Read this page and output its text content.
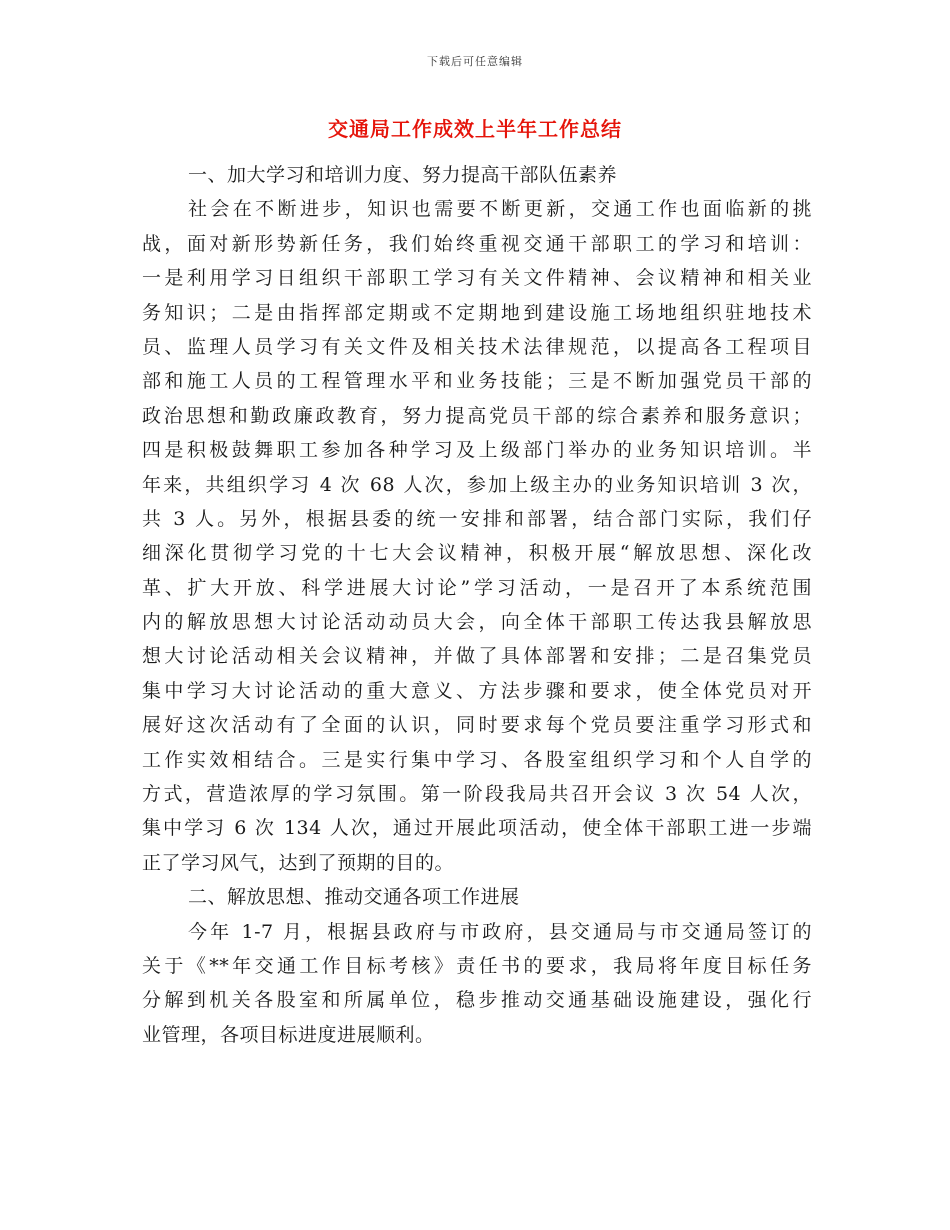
下载后可任意编辑
交通局工作成效上半年工作总结
一、加大学习和培训力度、努力提高干部队伍素养
社会在不断进步，知识也需要不断更新，交通工作也面临新的挑
战，面对新形势新任务，我们始终重视交通干部职工的学习和培训：
一是利用学习日组织干部职工学习有关文件精神、会议精神和相关业
务知识；二是由指挥部定期或不定期地到建设施工场地组织驻地技术
员、监理人员学习有关文件及相关技术法律规范，以提高各工程项目
部和施工人员的工程管理水平和业务技能；三是不断加强党员干部的
政治思想和勤政廉政教育，努力提高党员干部的综合素养和服务意识；
四是积极鼓舞职工参加各种学习及上级部门举办的业务知识培训。半
年来，共组织学习 4 次 68 人次，参加上级主办的业务知识培训 3 次，
共 3 人。另外，根据县委的统一安排和部署，结合部门实际，我们仔
细深化贯彻学习党的十七大会议精神，积极开展“解放思想、深化改
革、扩大开放、科学进展大讨论”学习活动，一是召开了本系统范围
内的解放思想大讨论活动动员大会，向全体干部职工传达我县解放思
想大讨论活动相关会议精神，并做了具体部署和安排；二是召集党员
集中学习大讨论活动的重大意义、方法步骤和要求，使全体党员对开
展好这次活动有了全面的认识，同时要求每个党员要注重学习形式和
工作实效相结合。三是实行集中学习、各股室组织学习和个人自学的
方式，营造浓厚的学习氛围。第一阶段我局共召开会议 3 次 54 人次，
集中学习 6 次 134 人次，通过开展此项活动，使全体干部职工进一步端
正了学习风气，达到了预期的目的。
二、解放思想、推动交通各项工作进展
今年 1-7 月，根据县政府与市政府，县交通局与市交通局签订的
关于《**年交通工作目标考核》责任书的要求，我局将年度目标任务
分解到机关各股室和所属单位，稳步推动交通基础设施建设，强化行
业管理，各项目标进度进展顺利。
